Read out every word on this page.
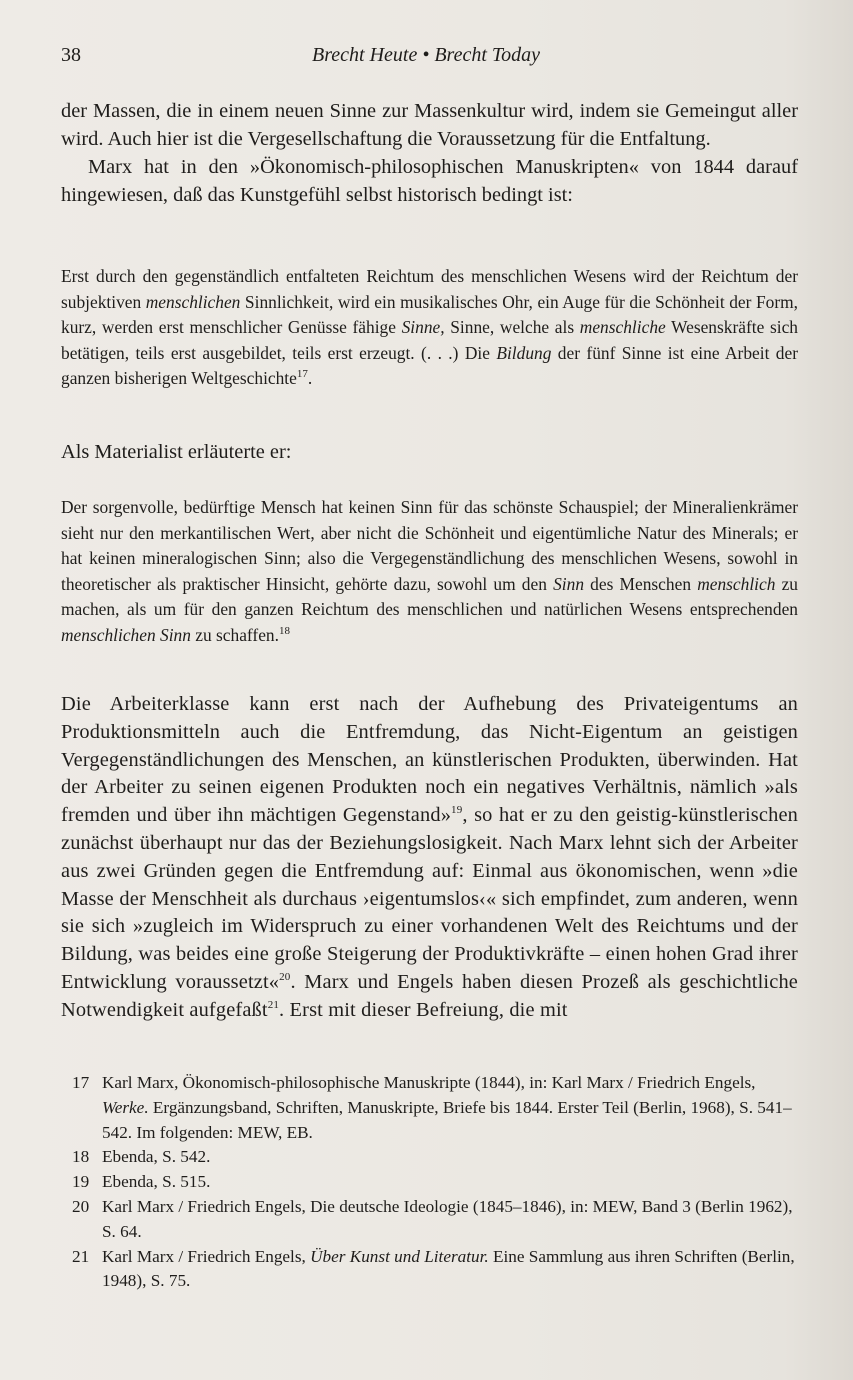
38	Brecht Heute • Brecht Today

der Massen, die in einem neuen Sinne zur Massenkultur wird, indem sie Gemeingut aller wird. Auch hier ist die Vergesellschaftung die Voraussetzung für die Entfaltung.

Marx hat in den »Ökonomisch-philosophischen Manuskripten« von 1844 darauf hingewiesen, daß das Kunstgefühl selbst historisch bedingt ist:

Erst durch den gegenständlich entfalteten Reichtum des menschlichen Wesens wird der Reichtum der subjektiven menschlichen Sinnlichkeit, wird ein musikalisches Ohr, ein Auge für die Schönheit der Form, kurz, werden erst menschlicher Genüsse fähige Sinne, Sinne, welche als menschliche Wesenskräfte sich betätigen, teils erst ausgebildet, teils erst erzeugt. (. . .) Die Bildung der fünf Sinne ist eine Arbeit der ganzen bisherigen Weltgeschichte$^{17}$.

Als Materialist erläuterte er:

Der sorgenvolle, bedürftige Mensch hat keinen Sinn für das schönste Schauspiel; der Mineralienkrämer sieht nur den merkantilischen Wert, aber nicht die Schönheit und eigentümliche Natur des Minerals; er hat keinen mineralogischen Sinn; also die Vergegenständlichung des menschlichen Wesens, sowohl in theoretischer als praktischer Hinsicht, gehörte dazu, sowohl um den Sinn des Menschen menschlich zu machen, als um für den ganzen Reichtum des menschlichen und natürlichen Wesens entsprechenden menschlichen Sinn zu schaffen.$^{18}$

Die Arbeiterklasse kann erst nach der Aufhebung des Privateigentums an Produktionsmitteln auch die Entfremdung, das Nicht-Eigentum an geistigen Vergegenständlichungen des Menschen, an künstlerischen Produkten, überwinden. Hat der Arbeiter zu seinen eigenen Produkten noch ein negatives Verhältnis, nämlich »als fremden und über ihn mächtigen Gegenstand»$^{19}$, so hat er zu den geistig-künstlerischen zunächst überhaupt nur das der Beziehungslosigkeit. Nach Marx lehnt sich der Arbeiter aus zwei Gründen gegen die Entfremdung auf: Einmal aus ökonomischen, wenn »die Masse der Menschheit als durchaus ›eigentumslos‹« sich empfindet, zum anderen, wenn sie sich »zugleich im Widerspruch zu einer vorhandenen Welt des Reichtums und der Bildung, was beides eine große Steigerung der Produktivkräfte – einen hohen Grad ihrer Entwicklung voraussetzt«$^{20}$. Marx und Engels haben diesen Prozeß als geschichtliche Notwendigkeit aufgefaßt$^{21}$. Erst mit dieser Befreiung, die mit

17 Karl Marx, Ökonomisch-philosophische Manuskripte (1844), in: Karl Marx / Friedrich Engels, Werke. Ergänzungsband, Schriften, Manuskripte, Briefe bis 1844. Erster Teil (Berlin, 1968), S. 541–542. Im folgenden: MEW, EB.

18 Ebenda, S. 542.

19 Ebenda, S. 515.

20 Karl Marx / Friedrich Engels, Die deutsche Ideologie (1845–1846), in: MEW, Band 3 (Berlin 1962), S. 64.

21 Karl Marx / Friedrich Engels, Über Kunst und Literatur. Eine Sammlung aus ihren Schriften (Berlin, 1948), S. 75.
